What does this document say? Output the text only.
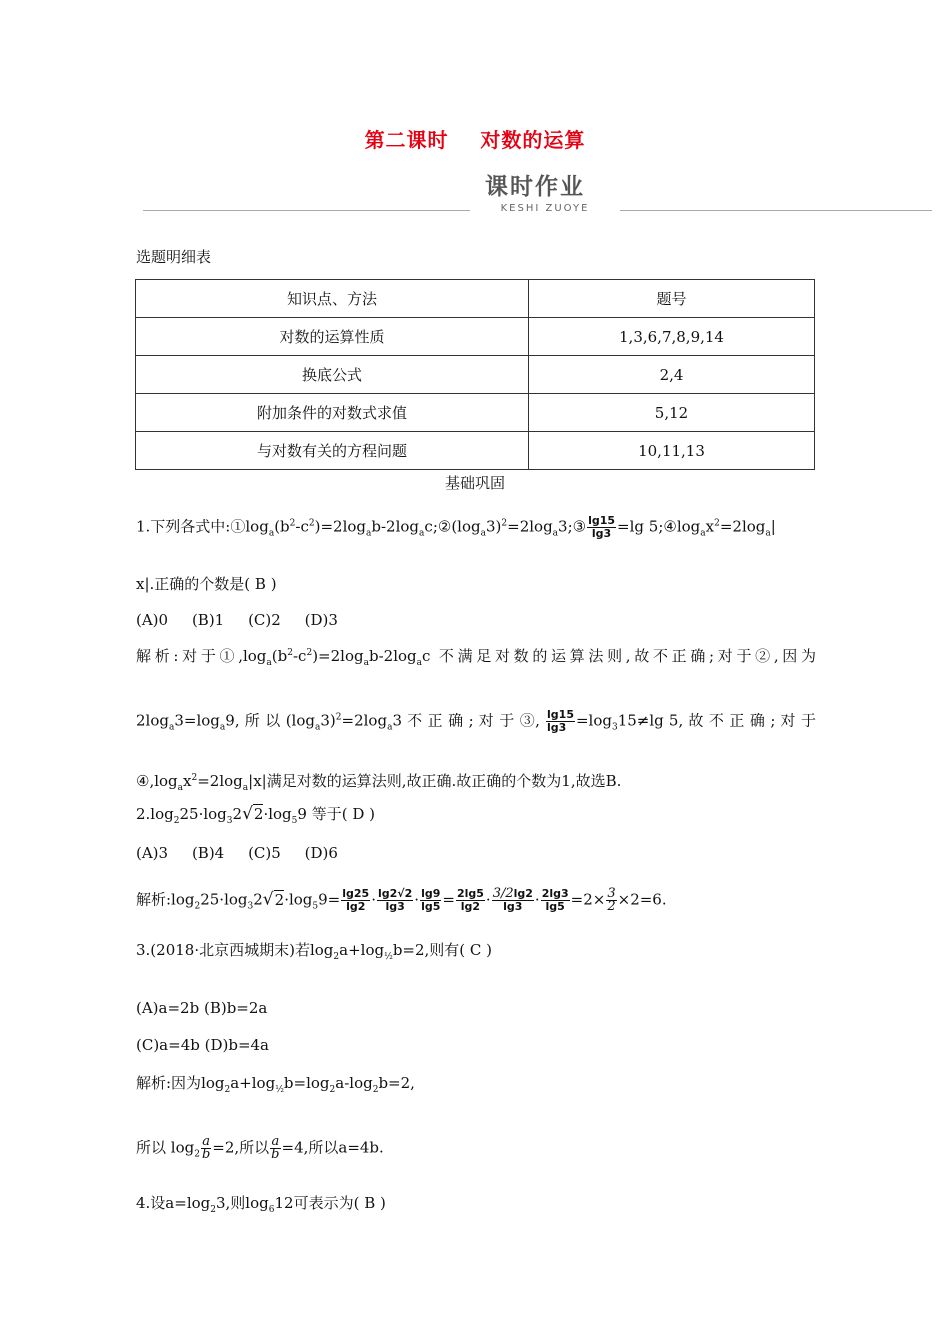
第二课时    对数的运算
课时作业
KESHI ZUOYE
选题明细表
知识点、方法	题号
对数的运算性质	1,3,6,7,8,9,14
换底公式	2,4
附加条件的对数式求值	5,12
与对数有关的方程问题	10,11,13
基础巩固
1.下列各式中$:①\log_a(b^2-c^2)=2\log_ab-2\log_ac;②(\log_a3)^2=2\log_a3;③ \frac{\lg 15}{\lg 3} =\lg$ $5;④\log_ax^2=2\log_a|$
x|.正确的个数是( B )
(A)0 (B)1 (C)2 (D)3
解析:对于$①,\log_a(b^2-c^2)=2\log_ab-2\log_ac$ 不满足对数的运算法则,故不正确;对于②,因为
$2\log_a3=\log_a9$, 所 以 $(\log_a3)^2=2\log_a3$ 不 正 确 ; 对 于 ③, $\frac{\lg 15}{\lg 3} =\log_315\ne\lg$ 5, 故 不 正 确 ; 对 于
$④,\log_ax^2=2\log_a|x|$满足对数的运算法则,故正确.故正确的个数为1,故选B.
$2.\log_225\cdot\log_32√2\cdot\log_59$ 等于( D )
(A)3 (B)4 (C)5 (D)6
解析$:\log_225\cdot\log_32√2\cdot\log_59= \frac{\lg 25}{\lg 2} \cdot \frac{\lg 2√2}{\lg 3} \cdot \frac{\lg 9}{\lg 5} = \frac{2\lg 5}{\lg 2} \cdot \frac{3/2\lg 2}{\lg 3} \cdot \frac{2\lg 3}{\lg 5} =2\times \frac{3}{2} \times 2=6$.
3.(2018·北京西城期末)若$\log_2a+\log_{\frac{1}{2}}b=2$,则有( C )
(A)a=2b (B)b=2a
(C)a=4b (D)b=4a
解析:因为$\log_2a+\log_{\frac{1}{2}}b=\log_2a-\log_2b=2$,
所以 $\log_2 \frac{a}{b} =2$,所以 $\frac{a}{b} =4$,所以a=4b.
4.设$a=\log_23$,则$\log_612$可表示为( B )
